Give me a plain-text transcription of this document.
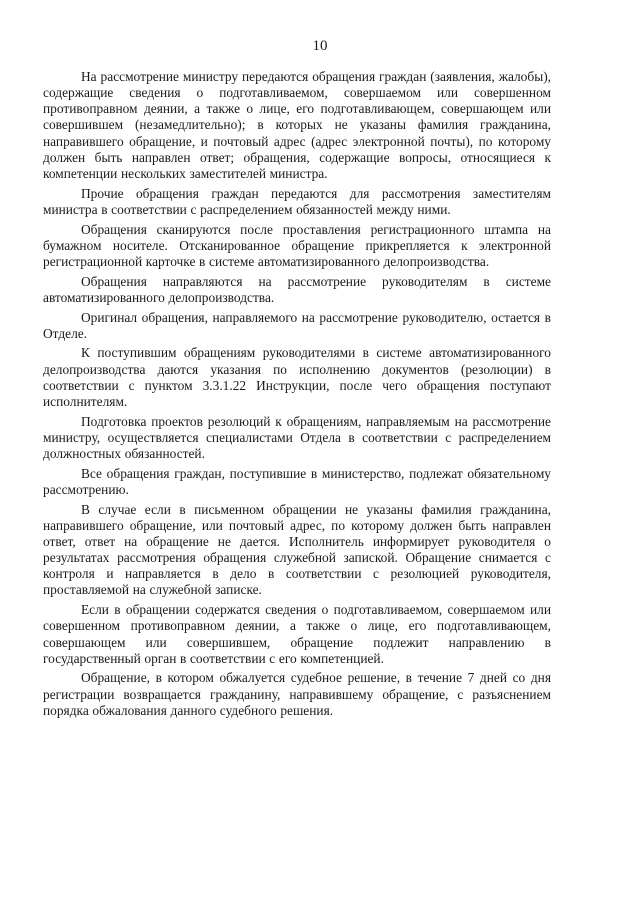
10

На рассмотрение министру передаются обращения граждан (заявления, жалобы), содержащие сведения о подготавливаемом, совершаемом или совершенном противоправном деянии, а также о лице, его подготавливающем, совершающем или совершившем (незамедлительно); в которых не указаны фамилия гражданина, направившего обращение, и почтовый адрес (адрес электронной почты), по которому должен быть направлен ответ; обращения, содержащие вопросы, относящиеся к компетенции нескольких заместителей министра.

Прочие обращения граждан передаются для рассмотрения заместителям министра в соответствии с распределением обязанностей между ними.

Обращения сканируются после проставления регистрационного штампа на бумажном носителе. Отсканированное обращение прикрепляется к электронной регистрационной карточке в системе автоматизированного делопроизводства.

Обращения направляются на рассмотрение руководителям в системе автоматизированного делопроизводства.

Оригинал обращения, направляемого на рассмотрение руководителю, остается в Отделе.

К поступившим обращениям руководителями в системе автоматизированного делопроизводства даются указания по исполнению документов (резолюции) в соответствии с пунктом 3.3.1.22 Инструкции, после чего обращения поступают исполнителям.

Подготовка проектов резолюций к обращениям, направляемым на рассмотрение министру, осуществляется специалистами Отдела в соответствии с распределением должностных обязанностей.

Все обращения граждан, поступившие в министерство, подлежат обязательному рассмотрению.

В случае если в письменном обращении не указаны фамилия гражданина, направившего обращение, или почтовый адрес, по которому должен быть направлен ответ, ответ на обращение не дается. Исполнитель информирует руководителя о результатах рассмотрения обращения служебной запиской. Обращение снимается с контроля и направляется в дело в соответствии с резолюцией руководителя, проставляемой на служебной записке.

Если в обращении содержатся сведения о подготавливаемом, совершаемом или совершенном противоправном деянии, а также о лице, его подготавливающем, совершающем или совершившем, обращение подлежит направлению в государственный орган в соответствии с его компетенцией.

Обращение, в котором обжалуется судебное решение, в течение 7 дней со дня регистрации возвращается гражданину, направившему обращение, с разъяснением порядка обжалования данного судебного решения.
